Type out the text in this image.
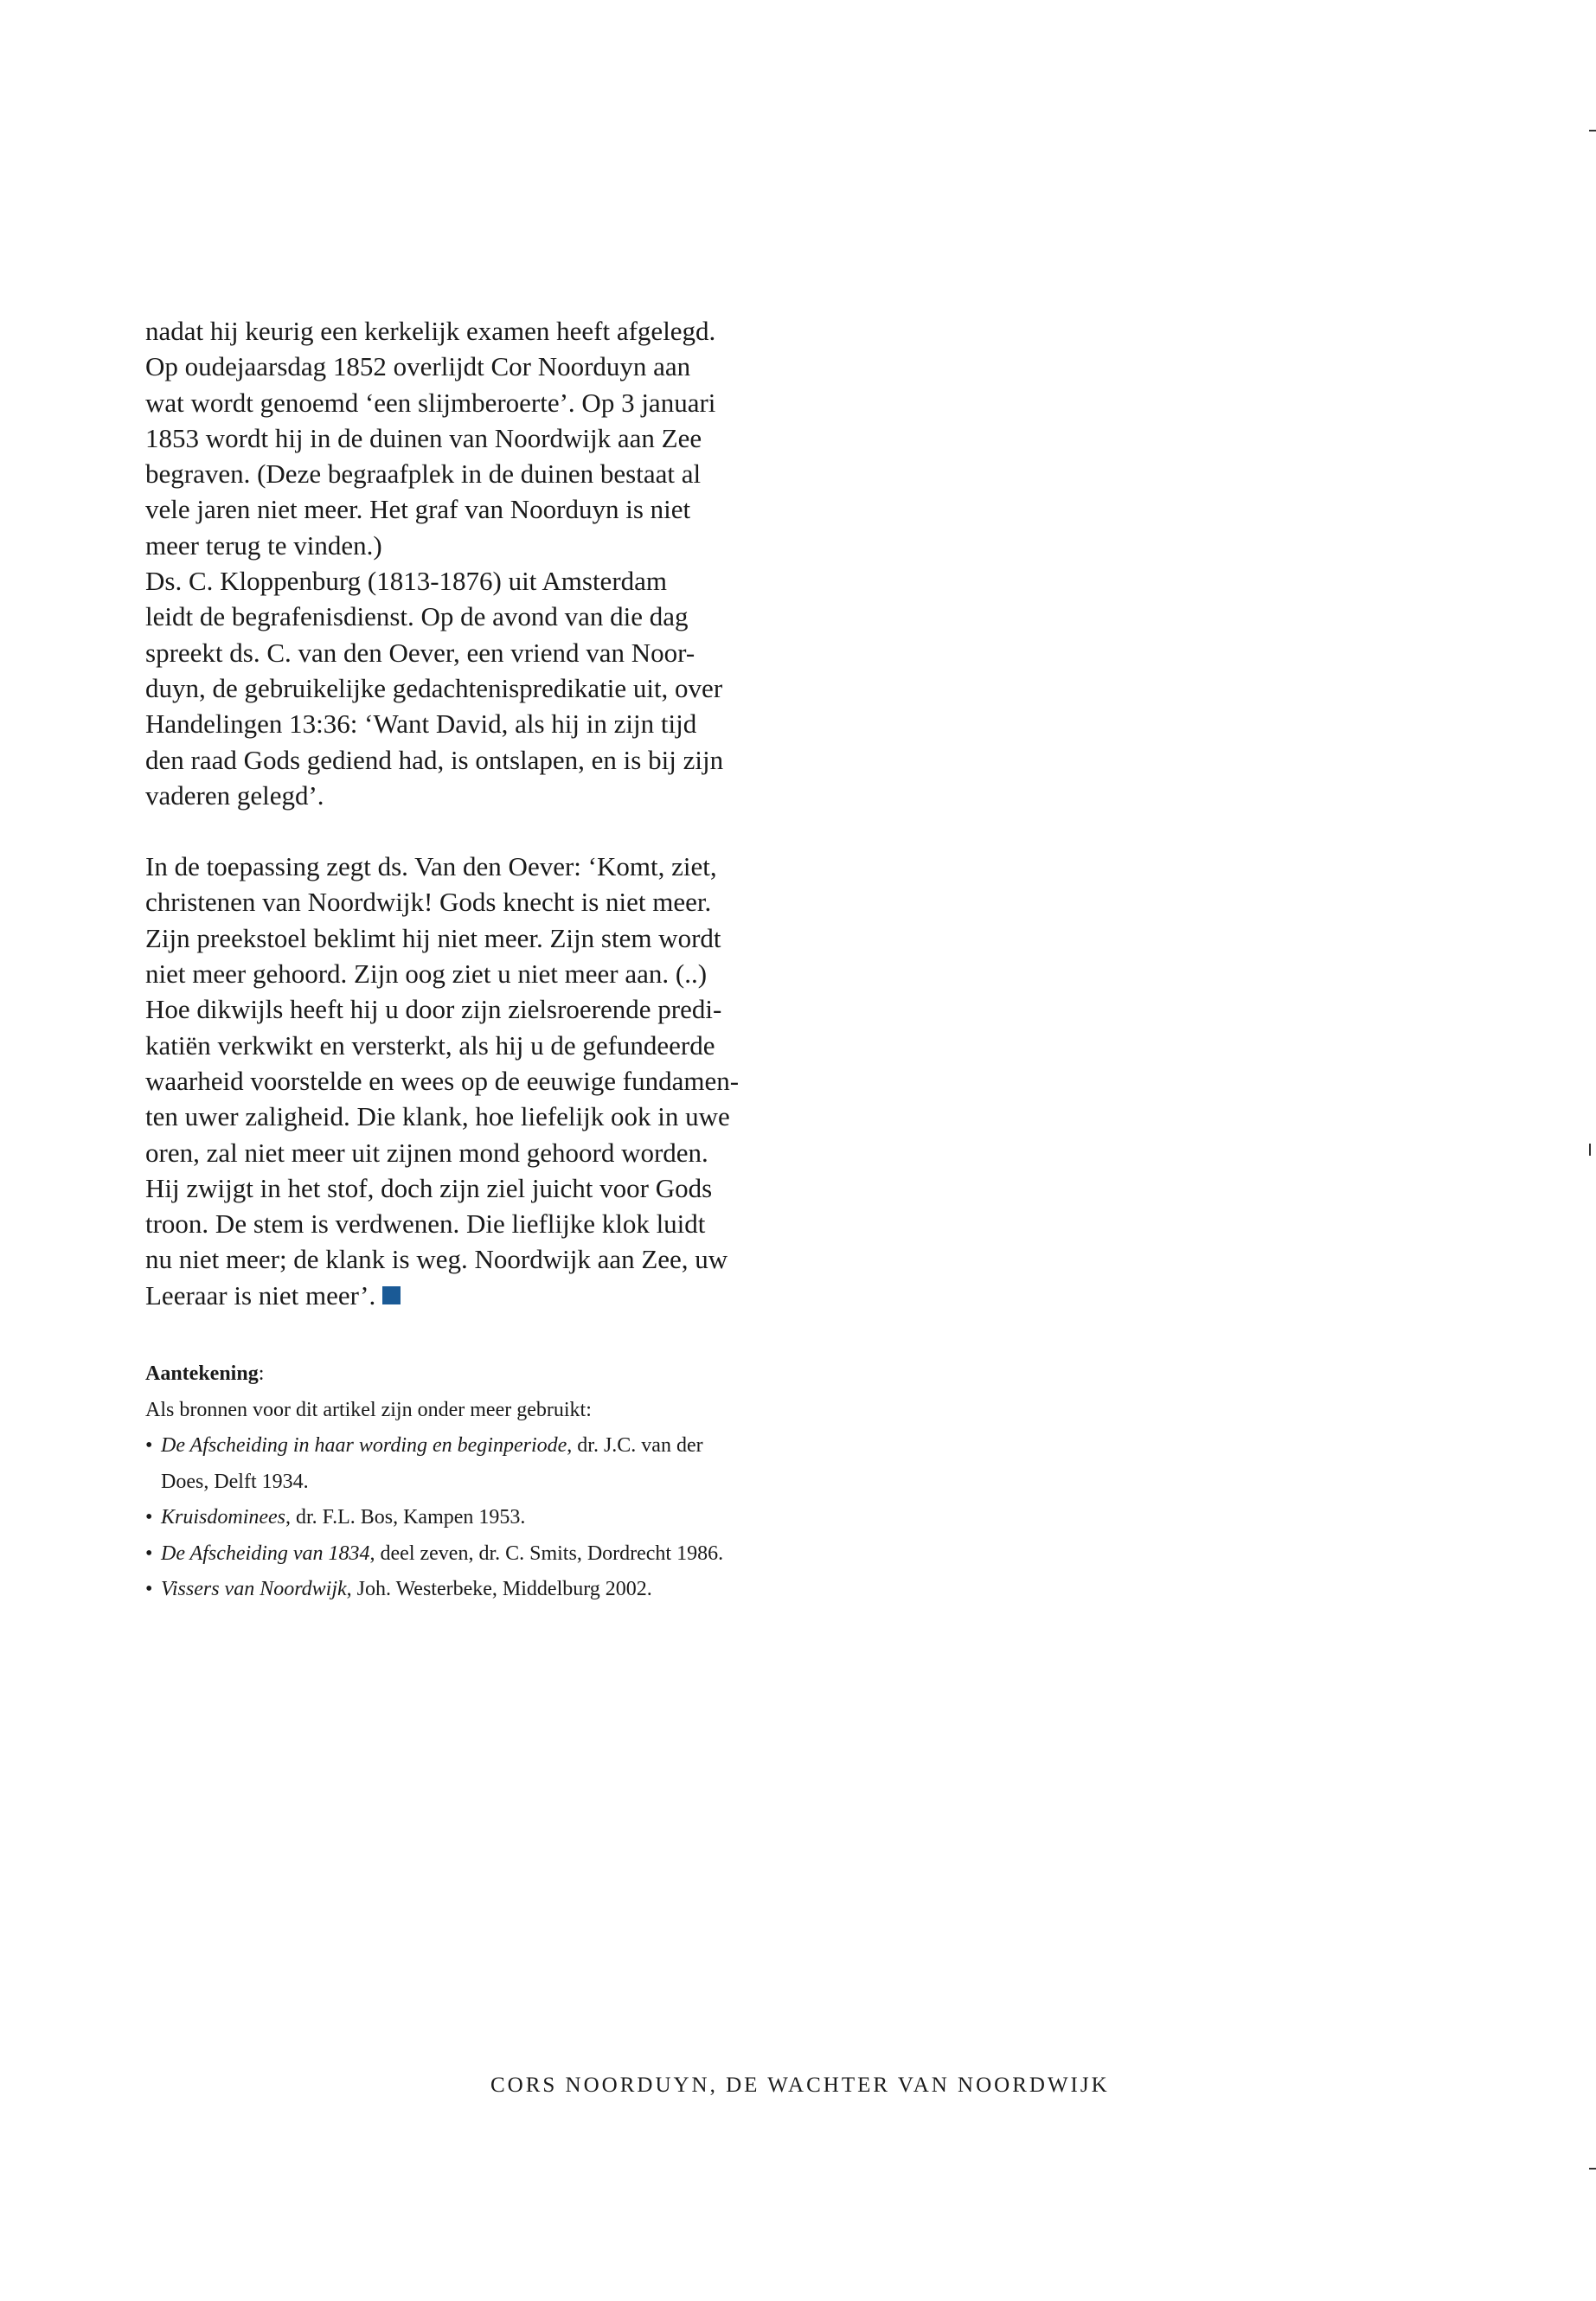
nadat hij keurig een kerkelijk examen heeft afgelegd.
Op oudejaarsdag 1852 overlijdt Cor Noorduyn aan
wat wordt genoemd ‘een slijmberoerte’. Op 3 januari
1853 wordt hij in de duinen van Noordwijk aan Zee
begraven. (Deze begraafplek in de duinen bestaat al
vele jaren niet meer. Het graf van Noorduyn is niet
meer terug te vinden.)
Ds. C. Kloppenburg (1813-1876) uit Amsterdam
leidt de begrafenisdienst. Op de avond van die dag
spreekt ds. C. van den Oever, een vriend van Noor-
duyn, de gebruikelijke gedachtenispredikatie uit, over
Handelingen 13:36: ‘Want David, als hij in zijn tijd
den raad Gods gediend had, is ontslapen, en is bij zijn
vaderen gelegd’.
In de toepassing zegt ds. Van den Oever: ‘Komt, ziet,
christenen van Noordwijk! Gods knecht is niet meer.
Zijn preekstoel beklimt hij niet meer. Zijn stem wordt
niet meer gehoord. Zijn oog ziet u niet meer aan. (..)
Hoe dikwijls heeft hij u door zijn zielsroerende predi-
katiën verkwikt en versterkt, als hij u de gefundeerde
waarheid voorstelde en wees op de eeuwige fundamen-
ten uwer zaligheid. Die klank, hoe liefelijk ook in uwe
oren, zal niet meer uit zijnen mond gehoord worden.
Hij zwijgt in het stof, doch zijn ziel juicht voor Gods
troon. De stem is verdwenen. Die lieflijke klok luidt
nu niet meer; de klank is weg. Noordwijk aan Zee, uw
Leeraar is niet meer’.
Aantekening:
Als bronnen voor dit artikel zijn onder meer gebruikt:
• De Afscheiding in haar wording en beginperiode, dr. J.C. van der
Does, Delft 1934.
• Kruisdominees, dr. F.L. Bos, Kampen 1953.
• De Afscheiding van 1834, deel zeven, dr. C. Smits, Dordrecht 1986.
• Vissers van Noordwijk, Joh. Westerbeke, Middelburg 2002.
CORS NOORDUYN, DE WACHTER VAN NOORDWIJK
